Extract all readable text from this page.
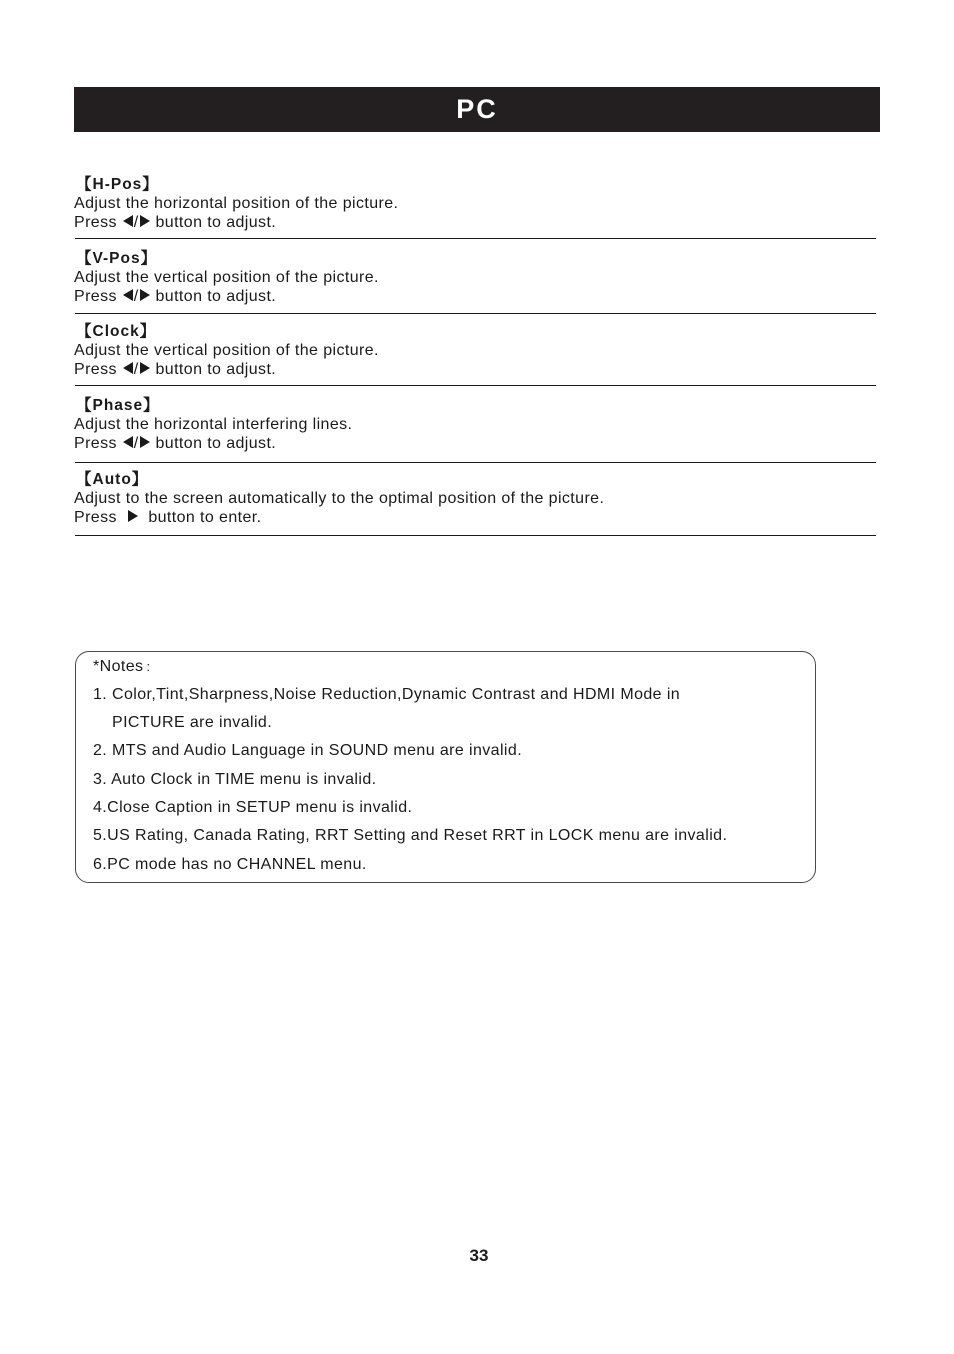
PC
【H-Pos】
Adjust the horizontal position of the picture.
Press / button to adjust.
【V-Pos】
Adjust the vertical position of the picture.
Press / button to adjust.
【Clock】
Adjust the vertical position of the picture.
Press / button to adjust.
【Phase】
Adjust the horizontal interfering lines.
Press / button to adjust.
【Auto】
Adjust to the screen automatically to the optimal position of the picture.
Press button to enter.
*Notes :
1. Color,Tint,Sharpness,Noise Reduction,Dynamic Contrast and HDMI Mode in
PICTURE are invalid.
2. MTS and Audio Language in SOUND menu are invalid.
3. Auto Clock in TIME menu is invalid.
4.Close Caption in SETUP menu is invalid.
5.US Rating, Canada Rating, RRT Setting and Reset RRT in LOCK menu are invalid.
6.PC mode has no CHANNEL menu.
33
